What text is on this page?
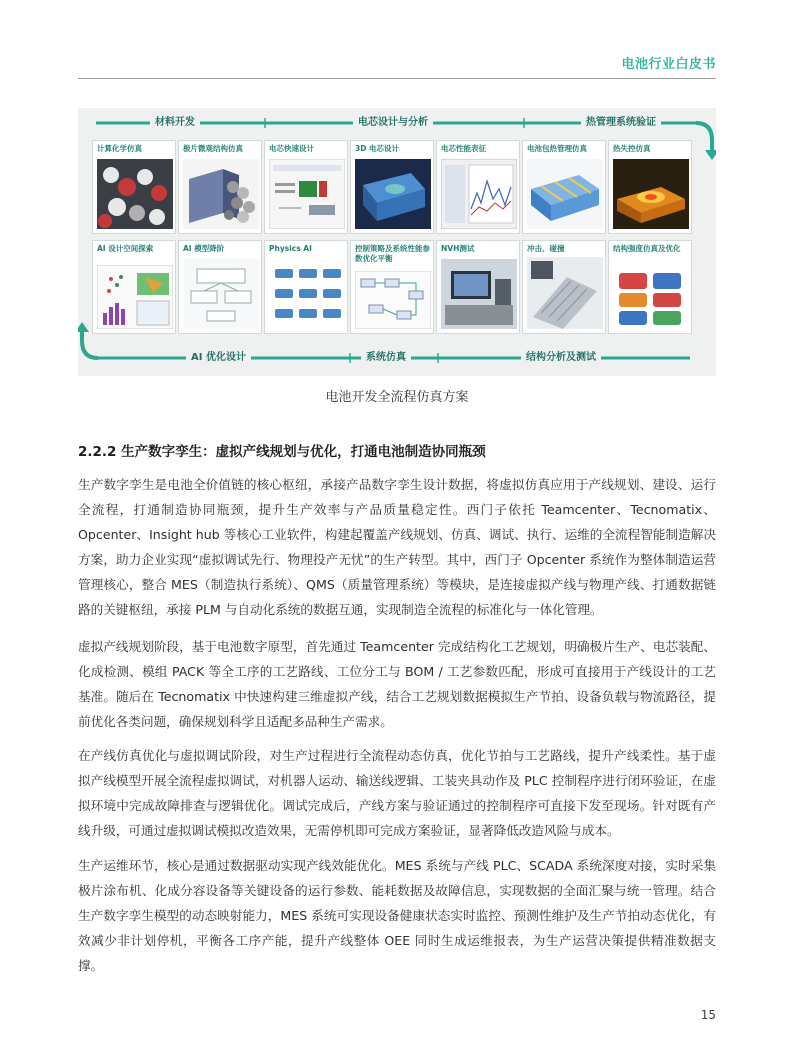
电池行业白皮书
材料开发	电芯设计与分析	热管理系统验证
AI 优化设计	系统仿真	结构分析及测试
计算化学仿真	极片微观结构仿真	电芯快速设计	3D 电芯设计	电芯性能表征	电池包热管理仿真	热失控仿真
AI 设计空间探索	AI 模型降阶	Physics AI	控制策略及系统性能参数优化平衡
NVH测试	冲击、碰撞	结构强度仿真及优化
电池开发全流程仿真方案
2.2.2 生产数字孪生：虚拟产线规划与优化，打通电池制造协同瓶颈

生产数字孪生是电池全价值链的核心枢纽，承接产品数字孪生设计数据，将虚拟仿真应用于产线规划、建设、运行全流程，打通制造协同瓶颈，提升生产效率与产品质量稳定性。西门子依托 Teamcenter、Tecnomatix、Opcenter、Insight hub 等核心工业软件，构建起覆盖产线规划、仿真、调试、执行、运维的全流程智能制造解决方案，助力企业实现“虚拟调试先行、物理投产无忧”的生产转型。其中，西门子 Opcenter 系统作为整体制造运营管理核心，整合 MES（制造执行系统）、QMS（质量管理系统）等模块，是连接虚拟产线与物理产线、打通数据链路的关键枢纽，承接 PLM 与自动化系统的数据互通，实现制造全流程的标准化与一体化管理。

虚拟产线规划阶段，基于电池数字原型，首先通过 Teamcenter 完成结构化工艺规划，明确极片生产、电芯装配、化成检测、模组 PACK 等全工序的工艺路线、工位分工与 BOM / 工艺参数匹配，形成可直接用于产线设计的工艺基准。随后在 Tecnomatix 中快速构建三维虚拟产线，结合工艺规划数据模拟生产节拍、设备负载与物流路径，提前优化各类问题，确保规划科学且适配多品种生产需求。

在产线仿真优化与虚拟调试阶段，对生产过程进行全流程动态仿真，优化节拍与工艺路线，提升产线柔性。基于虚拟产线模型开展全流程虚拟调试，对机器人运动、输送线逻辑、工装夹具动作及 PLC 控制程序进行闭环验证，在虚拟环境中完成故障排查与逻辑优化。调试完成后，产线方案与验证通过的控制程序可直接下发至现场。针对既有产线升级，可通过虚拟调试模拟改造效果，无需停机即可完成方案验证，显著降低改造风险与成本。

生产运维环节，核心是通过数据驱动实现产线效能优化。MES 系统与产线 PLC、SCADA 系统深度对接，实时采集极片涂布机、化成分容设备等关键设备的运行参数、能耗数据及故障信息，实现数据的全面汇聚与统一管理。结合生产数字孪生模型的动态映射能力，MES 系统可实现设备健康状态实时监控、预测性维护及生产节拍动态优化，有效减少非计划停机，平衡各工序产能，提升产线整体 OEE 同时生成运维报表，为生产运营决策提供精准数据支撑。

15
